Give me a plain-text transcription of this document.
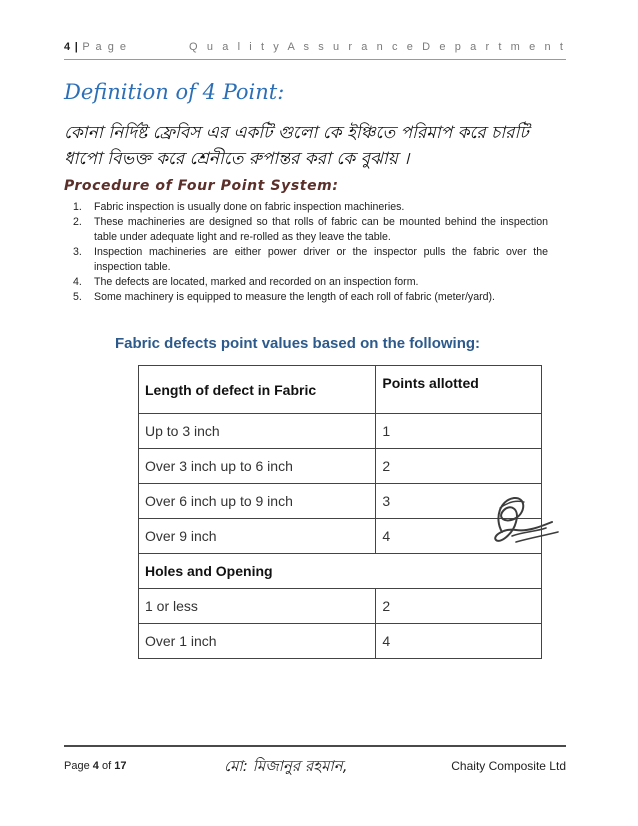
4 | P a g e	Q u a l i t y A s s u r a n c e D e p a r t m e n t
Definition of 4 Point:
কোনা নির্দিষ্ট ফ্রেবিস এর একটি গুলো কে ইঞ্চিতে পরিমাপ করে চারটি ধাপো বিভক্ত করে শ্রেনীতে রুপান্তর করা কে বুঝায় ।
Procedure of Four Point System:
1. Fabric inspection is usually done on fabric inspection machineries.
2. These machineries are designed so that rolls of fabric can be mounted behind the inspection table under adequate light and re-rolled as they leave the table.
3. Inspection machineries are either power driver or the inspector pulls the fabric over the inspection table.
4. The defects are located, marked and recorded on an inspection form.
5. Some machinery is equipped to measure the length of each roll of fabric (meter/yard).
Fabric defects point values based on the following:
Length of defect in Fabric	Points allotted
Up to 3 inch	1
Over 3 inch up to 6 inch	2
Over 6 inch up to 9 inch	3
Over 9 inch	4
Holes and Opening	
1 or less	2
Over 1 inch	4
Page 4 of 17	মো: মিজানুর রহমান,	Chaity Composite Ltd
